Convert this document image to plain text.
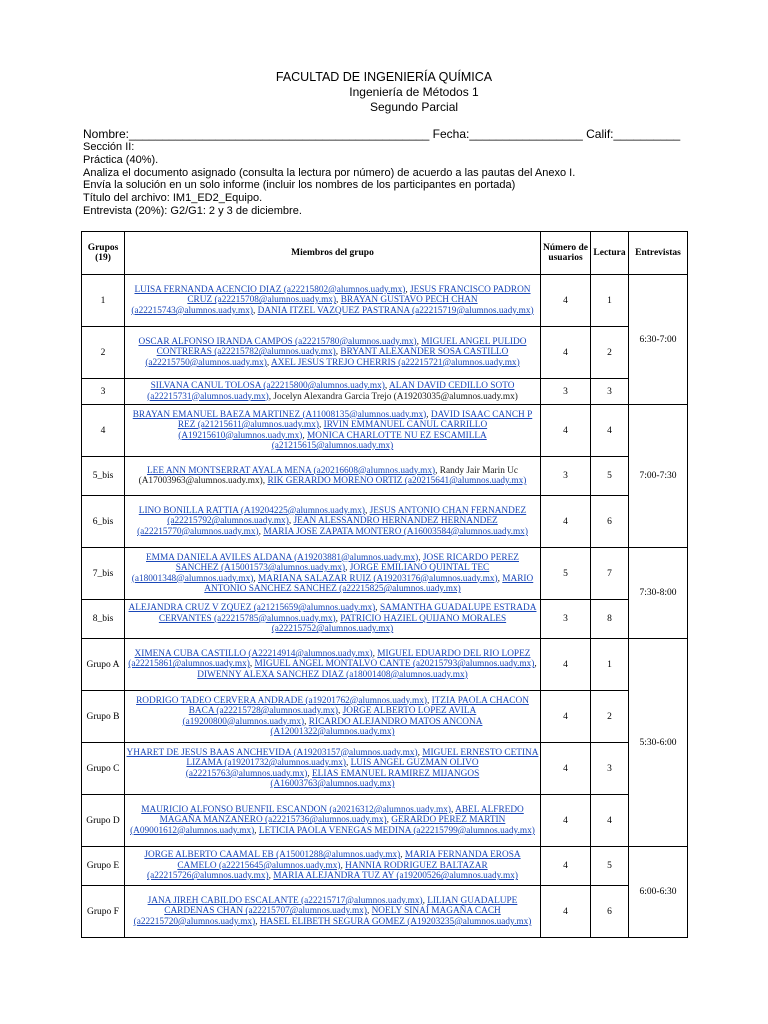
FACULTAD DE INGENIERÍA QUÍMICA
Ingeniería de Métodos 1
Segundo Parcial
Nombre:_____________________________________________ Fecha:_________________ Calif:__________
Sección II:
Práctica (40%).
Analiza el documento asignado (consulta la lectura por número) de acuerdo a las pautas del Anexo I.
Envía la solución en un solo informe (incluir los nombres de los participantes en portada)
Título del archivo: IM1_ED2_Equipo.
Entrevista (20%): G2/G1: 2 y 3 de diciembre.
Grupos (19)	Miembros del grupo	Número de usuarios	Lectura	Entrevistas
1	LUISA FERNANDA ACENCIO DIAZ (a22215802@alumnos.uady.mx), JESUS FRANCISCO PADRON CRUZ (a22215708@alumnos.uady.mx), BRAYAN GUSTAVO PECH CHAN (a22215743@alumnos.uady.mx), DANIA ITZEL VAZQUEZ PASTRANA (a22215719@alumnos.uady.mx)	4	1	6:30-7:00
2	OSCAR ALFONSO IRANDA CAMPOS (a22215780@alumnos.uady.mx), MIGUEL ANGEL PULIDO CONTRERAS (a22215782@alumnos.uady.mx), BRYANT ALEXANDER SOSA CASTILLO (a22215750@alumnos.uady.mx), AXEL JESUS TREJO CHERRIS (a22215721@alumnos.uady.mx)	4	2	
3	SILVANA CANUL TOLOSA (a22215800@alumnos.uady.mx), ALAN DAVID CEDILLO SOTO (a22215731@alumnos.uady.mx), Jocelyn Alexandra Garcia Trejo (A19203035@alumnos.uady.mx)	3	3	
4	BRAYAN EMANUEL BAEZA MARTINEZ (A11008135@alumnos.uady.mx), DAVID ISAAC CANCH P REZ (a21215611@alumnos.uady.mx), IRVIN EMMANUEL CANUL CARRILLO (A19215610@alumnos.uady.mx), MONICA CHARLOTTE NU EZ ESCAMILLA (a21215615@alumnos.uady.mx)	4	4	7:00-7:30
5_bis	LEE ANN MONTSERRAT AYALA MENA (a20216608@alumnos.uady.mx), Randy Jair Marin Uc (A17003963@alumnos.uady.mx), RIK GERARDO MORENO ORTIZ (a20215641@alumnos.uady.mx)	3	5	
6_bis	LINO BONILLA RATTIA (A19204225@alumnos.uady.mx), JESUS ANTONIO CHAN FERNANDEZ (a22215792@alumnos.uady.mx), JEAN ALESSANDRO HERNANDEZ HERNANDEZ (a22215770@alumnos.uady.mx), MARIA JOSE ZAPATA MONTERO (A16003584@alumnos.uady.mx)	4	6	
7_bis	EMMA DANIELA AVILES ALDANA (A19203881@alumnos.uady.mx), JOSE RICARDO PEREZ SANCHEZ (A15001573@alumnos.uady.mx), JORGE EMILIANO QUINTAL TEC (a18001348@alumnos.uady.mx), MARIANA SALAZAR RUIZ (A19203176@alumnos.uady.mx), MARIO ANTONIO SANCHEZ SANCHEZ (a22215825@alumnos.uady.mx)	5	7	7:30-8:00
8_bis	ALEJANDRA CRUZ V ZQUEZ (a21215659@alumnos.uady.mx), SAMANTHA GUADALUPE ESTRADA CERVANTES (a22215785@alumnos.uady.mx), PATRICIO HAZIEL QUIJANO MORALES (a22215752@alumnos.uady.mx)	3	8	
Grupo A	XIMENA CUBA CASTILLO (A22214914@alumnos.uady.mx), MIGUEL EDUARDO DEL RIO LOPEZ (a22215861@alumnos.uady.mx), MIGUEL ANGEL MONTALVO CANTE (a20215793@alumnos.uady.mx), DIWENNY ALEXA SANCHEZ DIAZ (a18001408@alumnos.uady.mx)	4	1	5:30-6:00
Grupo B	RODRIGO TADEO CERVERA ANDRADE (a19201762@alumnos.uady.mx), ITZIA PAOLA CHACON BACA (a22215728@alumnos.uady.mx), JORGE ALBERTO LOPEZ AVILA (a19200800@alumnos.uady.mx), RICARDO ALEJANDRO MATOS ANCONA (A12001322@alumnos.uady.mx)	4	2	
Grupo C	YHARET DE JESUS BAAS ANCHEVIDA (A19203157@alumnos.uady.mx), MIGUEL ERNESTO CETINA LIZAMA (a19201732@alumnos.uady.mx), LUIS ANGEL GUZMAN OLIVO (a22215763@alumnos.uady.mx), ELIAS EMANUEL RAMIREZ MIJANGOS (A16003763@alumnos.uady.mx)	4	3	
Grupo D	MAURICIO ALFONSO BUENFIL ESCANDON (a20216312@alumnos.uady.mx), ABEL ALFREDO MAGAÑA MANZANERO (a22215736@alumnos.uady.mx), GERARDO PEREZ MARTIN (A09001612@alumnos.uady.mx), LETICIA PAOLA VENEGAS MEDINA (a22215799@alumnos.uady.mx)	4	4	
Grupo E	JORGE ALBERTO CAAMAL EB (A15001288@alumnos.uady.mx), MARIA FERNANDA EROSA CAMELO (a22215645@alumnos.uady.mx), HANNIA RODRIGUEZ BALTAZAR (a22215726@alumnos.uady.mx), MARIA ALEJANDRA TUZ AY (a19200526@alumnos.uady.mx)	4	5	6:00-6:30
Grupo F	JANA JIREH CABILDO ESCALANTE (a22215717@alumnos.uady.mx), LILIAN GUADALUPE CARDENAS CHAN (a22215707@alumnos.uady.mx), NOELY SINAÍ MAGAÑA CACH (a22215720@alumnos.uady.mx), HASEL ELIBETH SEGURA GOMEZ (A19203235@alumnos.uady.mx)	4	6	
